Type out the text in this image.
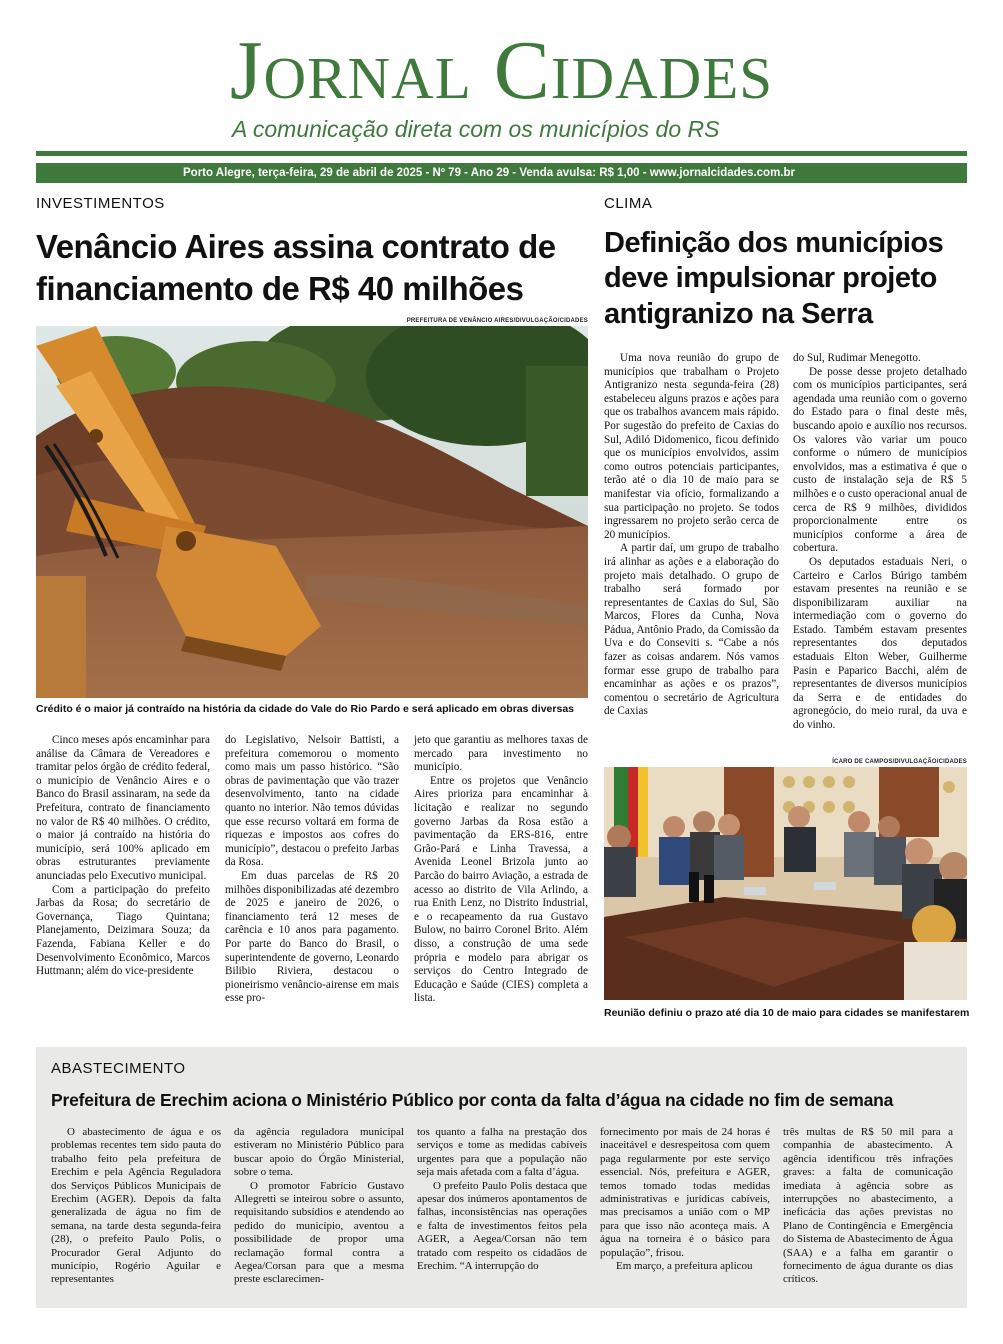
Jornal Cidades
A comunicação direta com os municípios do RS
Porto Alegre, terça-feira, 29 de abril de 2025 - Nº 79 - Ano 29 - Venda avulsa: R$ 1,00 - www.jornalcidades.com.br
INVESTIMENTOS
Venâncio Aires assina contrato de financiamento de R$ 40 milhões
PREFEITURA DE VENÂNCIO AIRES/DIVULGAÇÃO/CIDADES
Crédito é o maior já contraído na história da cidade do Vale do Rio Pardo e será aplicado em obras diversas

Cinco meses após encaminhar para análise da Câmara de Vereadores e tramitar pelos órgão de crédito federal, o município de Venâncio Aires e o Banco do Brasil assinaram, na sede da Prefeitura, contrato de financiamento no valor de R$ 40 milhões. O crédito, o maior já contraído na história do município, será 100% aplicado em obras estruturantes previamente anunciadas pelo Executivo municipal.

Com a participação do prefeito Jarbas da Rosa; do secretário de Governança, Tiago Quintana; Planejamento, Deizimara Souza; da Fazenda, Fabiana Keller e do Desenvolvimento Econômico, Marcos Huttmann; além do vice-presidente

do Legislativo, Nelsoir Battisti, a prefeitura comemorou o momento como mais um passo histórico. “São obras de pavimentação que vão trazer desenvolvimento, tanto na cidade quanto no interior. Não temos dúvidas que esse recurso voltará em forma de riquezas e impostos aos cofres do município”, destacou o prefeito Jarbas da Rosa.

Em duas parcelas de R$ 20 milhões disponibilizadas até dezembro de 2025 e janeiro de 2026, o financiamento terá 12 meses de carência e 10 anos para pagamento. Por parte do Banco do Brasil, o superintendente de governo, Leonardo Bilibio Riviera, destacou o pioneirismo venâncio-airense em mais esse pro-

jeto que garantiu as melhores taxas de mercado para investimento no município.

Entre os projetos que Venâncio Aires prioriza para encaminhar à licitação e realizar no segundo governo Jarbas da Rosa estão a pavimentação da ERS-816, entre Grão-Pará e Linha Travessa, a Avenida Leonel Brizola junto ao Parcão do bairro Aviação, a estrada de acesso ao distrito de Vila Arlindo, a rua Enith Lenz, no Distrito Industrial, e o recapeamento da rua Gustavo Bulow, no bairro Coronel Brito. Além disso, a construção de uma sede própria e modelo para abrigar os serviços do Centro Integrado de Educação e Saúde (CIES) completa a lista.

CLIMA
Definição dos municípios deve impulsionar projeto antigranizo na Serra

Uma nova reunião do grupo de municípios que trabalham o Projeto Antigranizo nesta segunda-feira (28) estabeleceu alguns prazos e ações para que os trabalhos avancem mais rápido. Por sugestão do prefeito de Caxias do Sul, Adiló Didomenico, ficou definido que os municípios envolvidos, assim como outros potenciais participantes, terão até o dia 10 de maio para se manifestar via ofício, formalizando a sua participação no projeto. Se todos ingressarem no projeto serão cerca de 20 municípios.

A partir daí, um grupo de trabalho irá alinhar as ações e a elaboração do projeto mais detalhado. O grupo de trabalho será formado por representantes de Caxias do Sul, São Marcos, Flores da Cunha, Nova Pádua, Antônio Prado, da Comissão da Uva e do Conseviti s. “Cabe a nós fazer as coisas andarem. Nós vamos formar esse grupo de trabalho para encaminhar as ações e os prazos”, comentou o secretário de Agricultura de Caxias

do Sul, Rudimar Menegotto.

De posse desse projeto detalhado com os municípios participantes, será agendada uma reunião com o governo do Estado para o final deste mês, buscando apoio e auxílio nos recursos. Os valores vão variar um pouco conforme o número de municípios envolvidos, mas a estimativa é que o custo de instalação seja de R$ 5 milhões e o custo operacional anual de cerca de R$ 9 milhões, divididos proporcionalmente entre os municípios conforme a área de cobertura.

Os deputados estaduais Neri, o Carteiro e Carlos Búrigo também estavam presentes na reunião e se disponibilizaram auxiliar na intermediação com o governo do Estado. Também estavam presentes representantes dos deputados estaduais Elton Weber, Guilherme Pasin e Paparico Bacchi, além de representantes de diversos municípios da Serra e de entidades do agronegócio, do meio rural, da uva e do vinho.

ÍCARO DE CAMPOS/DIVULGAÇÃO/CIDADES
Reunião definiu o prazo até dia 10 de maio para cidades se manifestarem
ABASTECIMENTO
Prefeitura de Erechim aciona o Ministério Público por conta da falta d’água na cidade no fim de semana

O abastecimento de água e os problemas recentes tem sido pauta do trabalho feito pela prefeitura de Erechim e pela Agência Reguladora dos Serviços Públicos Municipais de Erechim (AGER). Depois da falta generalizada de água no fim de semana, na tarde desta segunda-feira (28), o prefeito Paulo Polis, o Procurador Geral Adjunto do município, Rogério Aguilar e representantes

da agência reguladora municipal estiveram no Ministério Público para buscar apoio do Órgão Ministerial, sobre o tema.

O promotor Fabrício Gustavo Allegretti se inteirou sobre o assunto, requisitando subsídios e atendendo ao pedido do município, aventou a possibilidade de propor uma reclamação formal contra a Aegea/Corsan para que a mesma preste esclarecimen-

tos quanto a falha na prestação dos serviços e tome as medidas cabíveis urgentes para que a população não seja mais afetada com a falta d’água.

O prefeito Paulo Polis destaca que apesar dos inúmeros apontamentos de falhas, inconsistências nas operações e falta de investimentos feitos pela AGER, a Aegea/Corsan não tem tratado com respeito os cidadãos de Erechim. “A interrupção do

fornecimento por mais de 24 horas é inaceitável e desrespeitosa com quem paga regularmente por este serviço essencial. Nós, prefeitura e AGER, temos tomado todas medidas administrativas e jurídicas cabíveis, mas precisamos a união com o MP para que isso não aconteça mais. A água na torneira é o básico para população”, frisou.

Em março, a prefeitura aplicou

três multas de R$ 50 mil para a companhia de abastecimento. A agência identificou três infrações graves: a falta de comunicação imediata à agência sobre as interrupções no abastecimento, a ineficácia das ações previstas no Plano de Contingência e Emergência do Sistema de Abastecimento de Água (SAA) e a falha em garantir o fornecimento de água durante os dias críticos.
